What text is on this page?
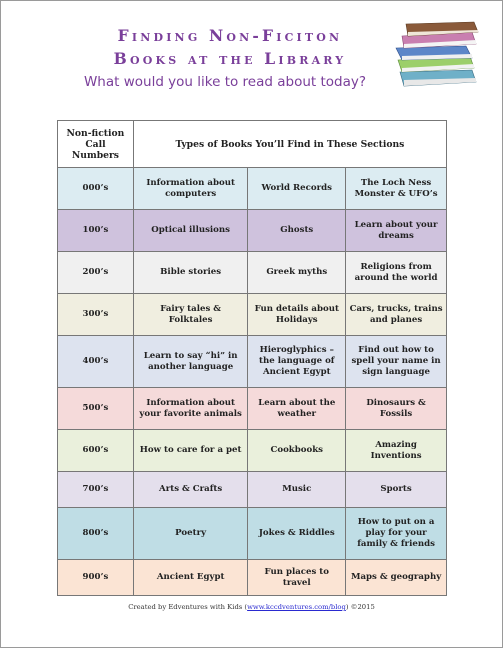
Finding Non-Ficiton
Books at the Library
What would you like to read about today?
Non-fiction Call Numbers	Types of Books You’ll Find in These Sections		
000’s	Information about computers	World Records	The Loch Ness Monster & UFO’s
100’s	Optical illusions	Ghosts	Learn about your dreams
200’s	Bible stories	Greek myths	Religions from around the world
300’s	Fairy tales & Folktales	Fun details about Holidays	Cars, trucks, trains and planes
400’s	Learn to say “hi” in another language	Hieroglyphics – the language of Ancient Egypt	Find out how to spell your name in sign language
500’s	Information about your favorite animals	Learn about the weather	Dinosaurs & Fossils
600’s	How to care for a pet	Cookbooks	Amazing Inventions
700’s	Arts & Crafts	Music	Sports
800’s	Poetry	Jokes & Riddles	How to put on a play for your family & friends
900’s	Ancient Egypt	Fun places to travel	Maps & geography
Created by Edventures with Kids (www.kccdventures.com/blog) ©2015
